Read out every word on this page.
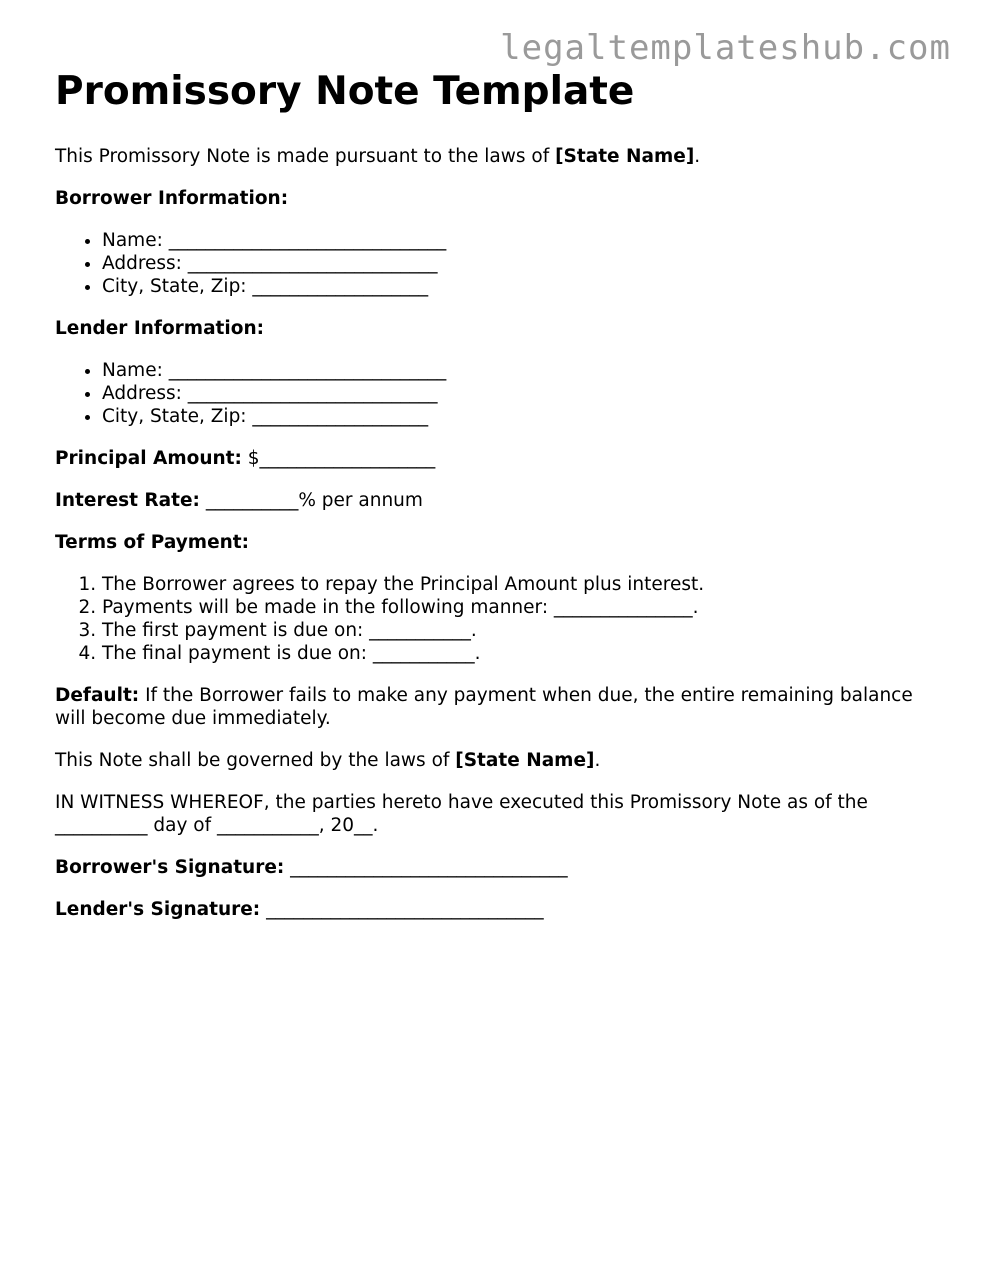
legaltemplateshub.com
Promissory Note Template

This Promissory Note is made pursuant to the laws of [State Name].

Borrower Information:

• Name: ______________________________
• Address: ___________________________
• City, State, Zip: ___________________

Lender Information:

• Name: ______________________________
• Address: ___________________________
• City, State, Zip: ___________________

Principal Amount: $___________________

Interest Rate: __________% per annum

Terms of Payment:

1. The Borrower agrees to repay the Principal Amount plus interest.
2. Payments will be made in the following manner: _______________.
3. The first payment is due on: ___________.
4. The final payment is due on: ___________.

Default: If the Borrower fails to make any payment when due, the entire remaining balance will become due immediately.

This Note shall be governed by the laws of [State Name].

IN WITNESS WHEREOF, the parties hereto have executed this Promissory Note as of the __________ day of ___________, 20__.

Borrower's Signature: ______________________________

Lender's Signature: ______________________________
